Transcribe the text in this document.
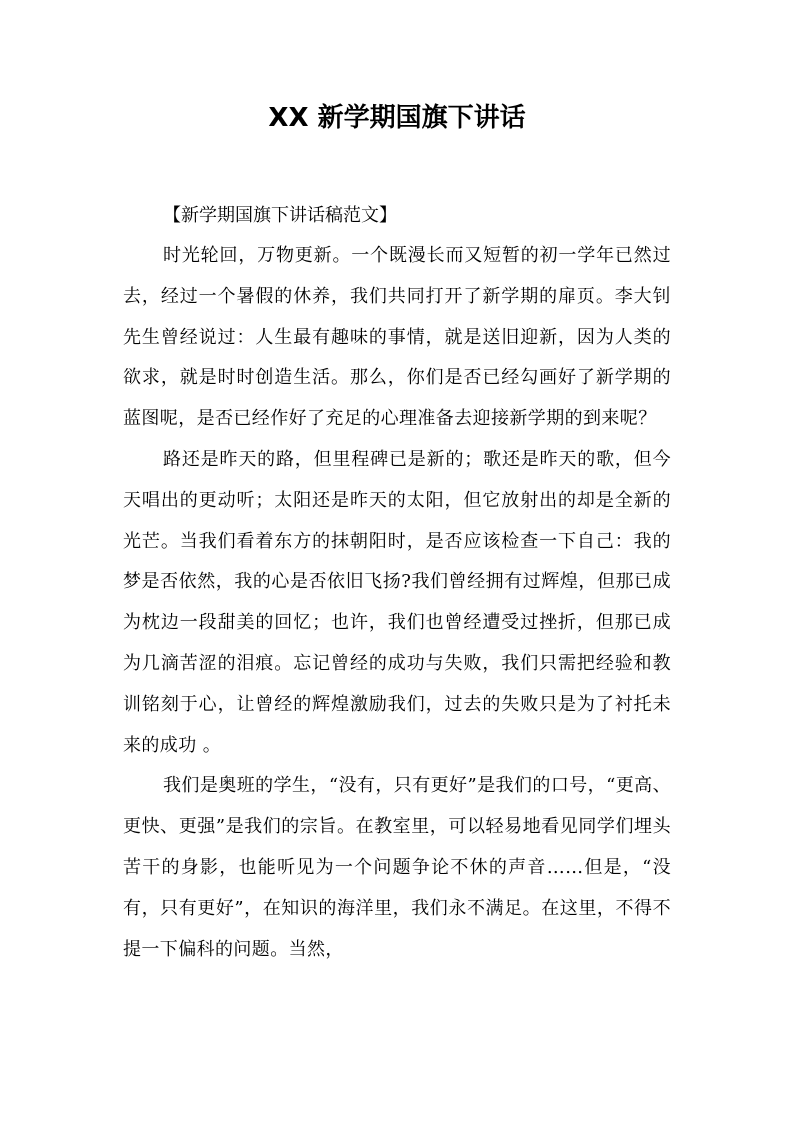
XX 新学期国旗下讲话

【新学期国旗下讲话稿范文】

时光轮回，万物更新。一个既漫长而又短暂的初一学年已然过去，经过一个暑假的休养，我们共同打开了新学期的扉页。李大钊先生曾经说过：人生最有趣味的事情，就是送旧迎新，因为人类的欲求，就是时时创造生活。那么，你们是否已经勾画好了新学期的蓝图呢，是否已经作好了充足的心理准备去迎接新学期的到来呢？

路还是昨天的路，但里程碑已是新的；歌还是昨天的歌，但今天唱出的更动听；太阳还是昨天的太阳，但它放射出的却是全新的光芒。当我们看着东方的抹朝阳时，是否应该检查一下自己：我的梦是否依然，我的心是否依旧飞扬?我们曾经拥有过辉煌，但那已成为枕边一段甜美的回忆；也许，我们也曾经遭受过挫折，但那已成为几滴苦涩的泪痕。忘记曾经的成功与失败，我们只需把经验和教训铭刻于心，让曾经的辉煌激励我们，过去的失败只是为了衬托未来的成功 。

我们是奥班的学生，“没有，只有更好”是我们的口号，“更高、更快、更强”是我们的宗旨。在教室里，可以轻易地看见同学们埋头苦干的身影，也能听见为一个问题争论不休的声音……但是，“没有，只有更好”，在知识的海洋里，我们永不满足。在这里，不得不提一下偏科的问题。当然，
